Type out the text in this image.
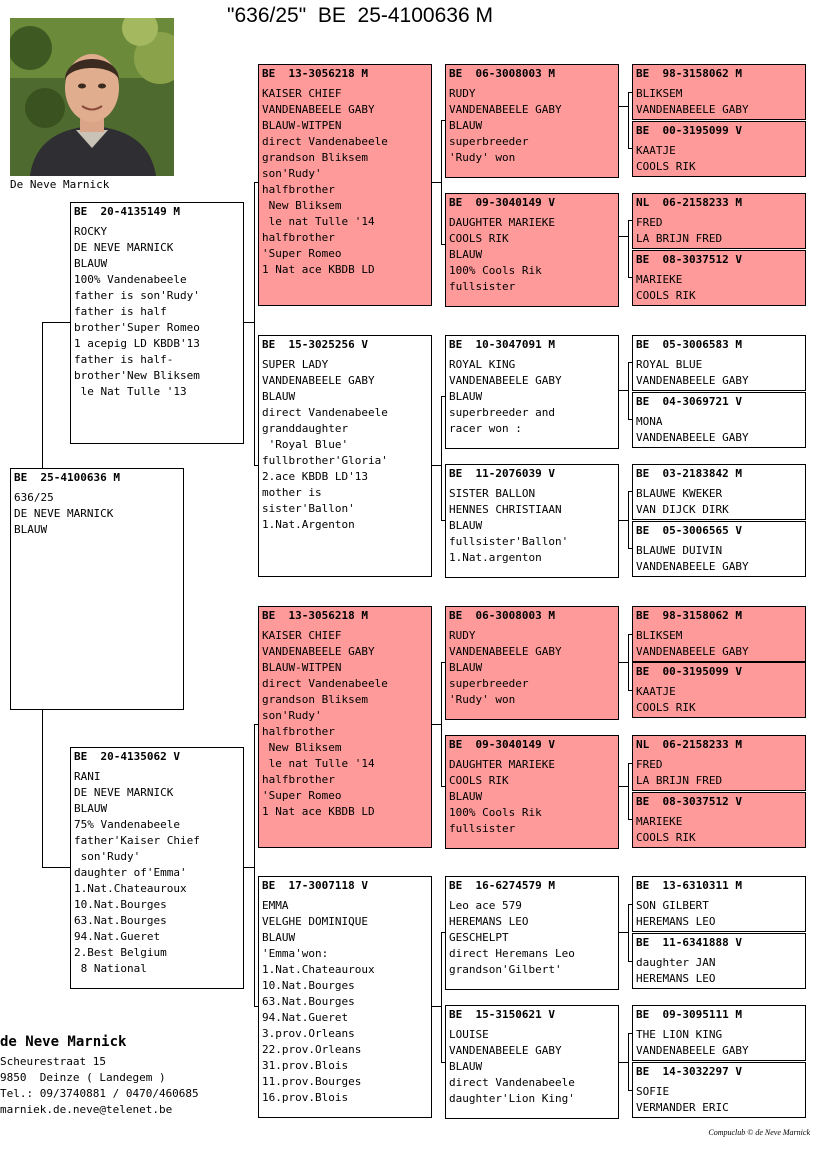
"636/25"  BE  25-4100636 M
De Neve Marnick
BE  25-4100636 M
636/25
DE NEVE MARNICK
BLAUW
BE  20-4135149 M
ROCKY
DE NEVE MARNICK
BLAUW
100% Vandenabeele
father is son'Rudy'
father is half
brother'Super Romeo
1 acepig LD KBDB'13
father is half-
brother'New Bliksem
le Nat Tulle '13
BE  20-4135062 V
RANI
DE NEVE MARNICK
BLAUW
75% Vandenabeele
father'Kaiser Chief
son'Rudy'
daughter of'Emma'
1.Nat.Chateauroux
10.Nat.Bourges
63.Nat.Bourges
94.Nat.Gueret
2.Best Belgium
8 National
BE  13-3056218 M
KAISER CHIEF
VANDENABEELE GABY
BLAUW-WITPEN
direct Vandenabeele
grandson Bliksem
son'Rudy'
halfbrother
New Bliksem
le nat Tulle '14
halfbrother
'Super Romeo
1 Nat ace KBDB LD
BE  15-3025256 V
SUPER LADY
VANDENABEELE GABY
BLAUW
direct Vandenabeele
granddaughter
'Royal Blue'
fullbrother'Gloria'
2.ace KBDB LD'13
mother is
sister'Ballon'
1.Nat.Argenton
BE  13-3056218 M
KAISER CHIEF
VANDENABEELE GABY
BLAUW-WITPEN
direct Vandenabeele
grandson Bliksem
son'Rudy'
halfbrother
New Bliksem
le nat Tulle '14
halfbrother
'Super Romeo
1 Nat ace KBDB LD
BE  17-3007118 V
EMMA
VELGHE DOMINIQUE
BLAUW
'Emma'won:
1.Nat.Chateauroux
10.Nat.Bourges
63.Nat.Bourges
94.Nat.Gueret
3.prov.Orleans
22.prov.Orleans
31.prov.Blois
11.prov.Bourges
16.prov.Blois
BE  06-3008003 M
RUDY
VANDENABEELE GABY
BLAUW
superbreeder
'Rudy' won
BE  09-3040149 V
DAUGHTER MARIEKE
COOLS RIK
BLAUW
100% Cools Rik
fullsister
BE  10-3047091 M
ROYAL KING
VANDENABEELE GABY
BLAUW
superbreeder and
racer won :
BE  11-2076039 V
SISTER BALLON
HENNES CHRISTIAAN
BLAUW
fullsister'Ballon'
1.Nat.argenton
BE  06-3008003 M
RUDY
VANDENABEELE GABY
BLAUW
superbreeder
'Rudy' won
BE  09-3040149 V
DAUGHTER MARIEKE
COOLS RIK
BLAUW
100% Cools Rik
fullsister
BE  16-6274579 M
Leo ace 579
HEREMANS LEO
GESCHELPT
direct Heremans Leo
grandson'Gilbert'
BE  15-3150621 V
LOUISE
VANDENABEELE GABY
BLAUW
direct Vandenabeele
daughter'Lion King'
BE  98-3158062 M
BLIKSEM
VANDENABEELE GABY
BE  00-3195099 V
KAATJE
COOLS RIK
NL  06-2158233 M
FRED
LA BRIJN FRED
BE  08-3037512 V
MARIEKE
COOLS RIK
BE  05-3006583 M
ROYAL BLUE
VANDENABEELE GABY
BE  04-3069721 V
MONA
VANDENABEELE GABY
BE  03-2183842 M
BLAUWE KWEKER
VAN DIJCK DIRK
BE  05-3006565 V
BLAUWE DUIVIN
VANDENABEELE GABY
BE  98-3158062 M
BLIKSEM
VANDENABEELE GABY
BE  00-3195099 V
KAATJE
COOLS RIK
NL  06-2158233 M
FRED
LA BRIJN FRED
BE  08-3037512 V
MARIEKE
COOLS RIK
BE  13-6310311 M
SON GILBERT
HEREMANS LEO
BE  11-6341888 V
daughter JAN
HEREMANS LEO
BE  09-3095111 M
THE LION KING
VANDENABEELE GABY
BE  14-3032297 V
SOFIE
VERMANDER ERIC
de Neve Marnick
Scheurestraat 15
9850  Deinze ( Landegem )
Tel.: 09/3740881 / 0470/460685
marniek.de.neve@telenet.be
Compuclub © de Neve Marnick
